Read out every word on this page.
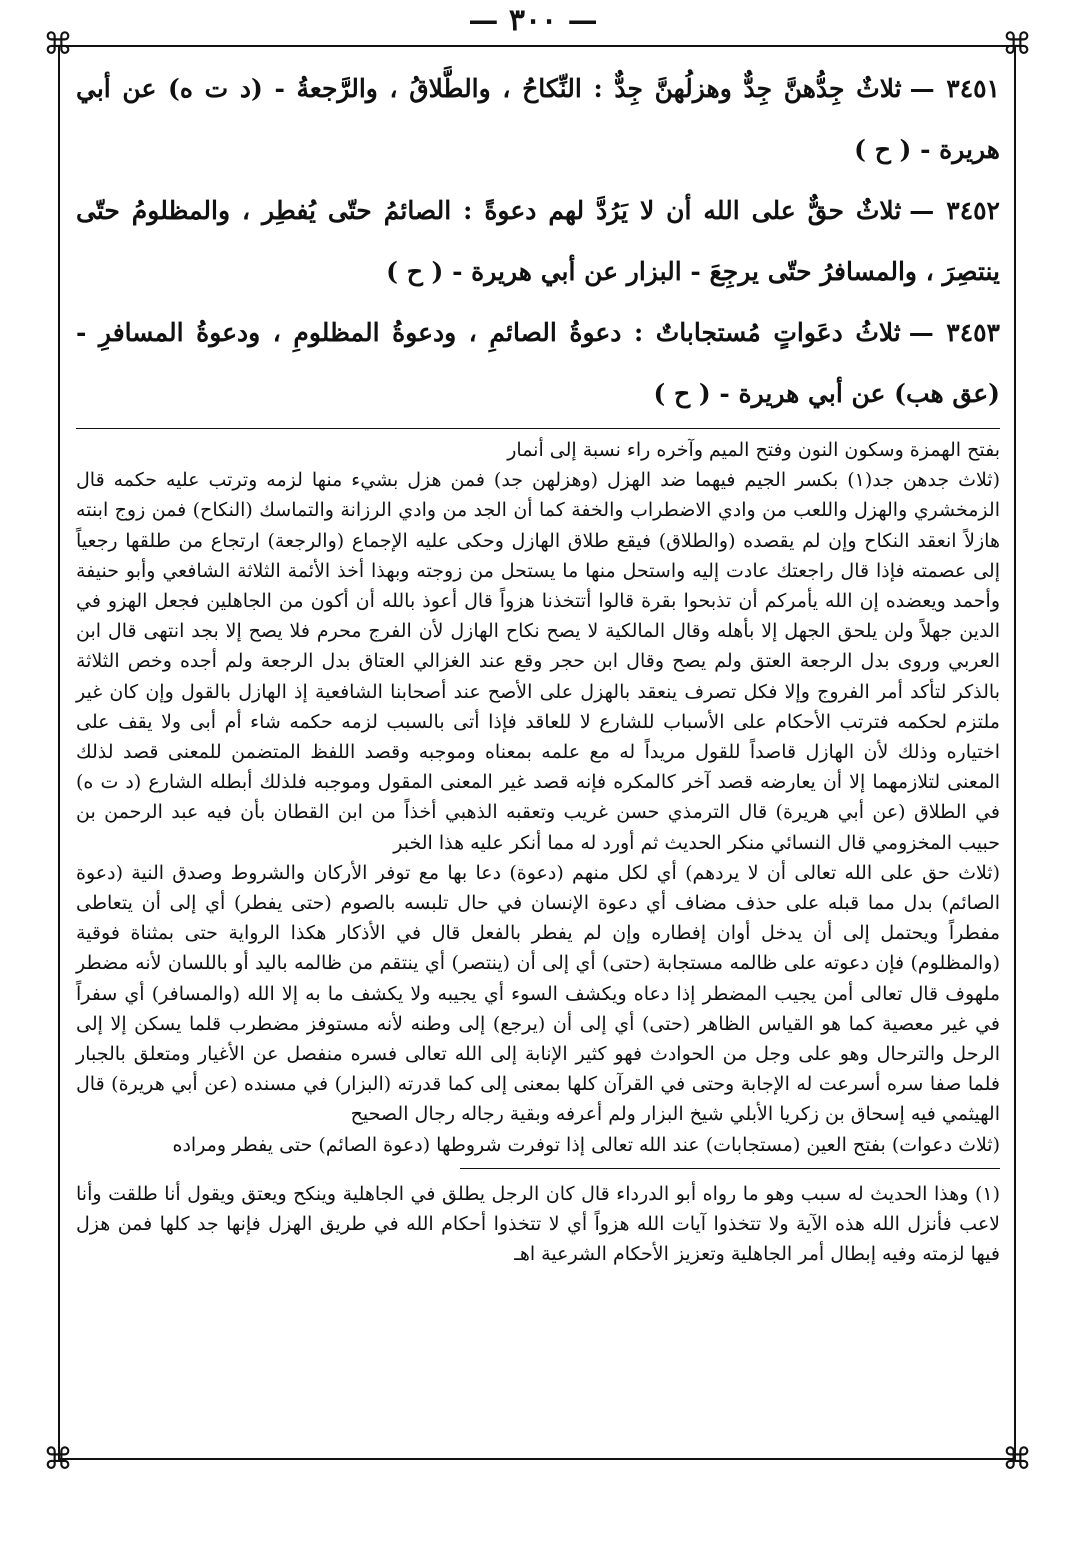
— ٣٠٠ —
⌘	⌘
⌘	⌘

٣٤٥١ —ثلاثٌ جِدُّهنَّ جِدٌّ وهزلُهنَّ جِدٌّ : النِّكاحُ ، والطَّلاقُ ، والرَّجعةُ - (د ت ه) عن أبي هريرة - ( ح )

٣٤٥٢ —ثلاثٌ حقٌّ على الله أن لا يَرُدَّ لهم دعوةً : الصائمُ حتّى يُفطِر ، والمظلومُ حتّى ينتصِرَ ، والمسافرُ حتّى يرجِعَ - البزار عن أبي هريرة - ( ح )

٣٤٥٣ —ثلاثُ دعَواتٍ مُستجاباتٌ : دعوةُ الصائمِ ، ودعوةُ المظلومِ ، ودعوةُ المسافرِ - (عق هب) عن أبي هريرة - ( ح )

بفتح الهمزة وسكون النون وفتح الميم وآخره راء نسبة إلى أنمار

(ثلاث جدهن جد(١) بكسر الجيم فيهما ضد الهزل (وهزلهن جد) فمن هزل بشيء منها لزمه وترتب عليه حكمه قال الزمخشري والهزل واللعب من وادي الاضطراب والخفة كما أن الجد من وادي الرزانة والتماسك (النكاح) فمن زوج ابنته هازلاً انعقد النكاح وإن لم يقصده (والطلاق) فيقع طلاق الهازل وحكى عليه الإجماع (والرجعة) ارتجاع من طلقها رجعياً إلى عصمته فإذا قال راجعتك عادت إليه واستحل منها ما يستحل من زوجته وبهذا أخذ الأئمة الثلاثة الشافعي وأبو حنيفة وأحمد ويعضده إن الله يأمركم أن تذبحوا بقرة قالوا أتتخذنا هزواً قال أعوذ بالله أن أكون من الجاهلين فجعل الهزو في الدين جهلاً ولن يلحق الجهل إلا بأهله وقال المالكية لا يصح نكاح الهازل لأن الفرج محرم فلا يصح إلا بجد انتهى قال ابن العربي وروى بدل الرجعة العتق ولم يصح وقال ابن حجر وقع عند الغزالي العتاق بدل الرجعة ولم أجده وخص الثلاثة بالذكر لتأكد أمر الفروج وإلا فكل تصرف ينعقد بالهزل على الأصح عند أصحابنا الشافعية إذ الهازل بالقول وإن كان غير ملتزم لحكمه فترتب الأحكام على الأسباب للشارع لا للعاقد فإذا أتى بالسبب لزمه حكمه شاء أم أبى ولا يقف على اختياره وذلك لأن الهازل قاصداً للقول مريداً له مع علمه بمعناه وموجبه وقصد اللفظ المتضمن للمعنى قصد لذلك المعنى لتلازمهما إلا أن يعارضه قصد آخر كالمكره فإنه قصد غير المعنى المقول وموجبه فلذلك أبطله الشارع (د ت ه) في الطلاق (عن أبي هريرة) قال الترمذي حسن غريب وتعقبه الذهبي أخذاً من ابن القطان بأن فيه عبد الرحمن بن حبيب المخزومي قال النسائي منكر الحديث ثم أورد له مما أنكر عليه هذا الخبر

(ثلاث حق على الله تعالى أن لا يردهم) أي لكل منهم (دعوة) دعا بها مع توفر الأركان والشروط وصدق النية (دعوة الصائم) بدل مما قبله على حذف مضاف أي دعوة الإنسان في حال تلبسه بالصوم (حتى يفطر) أي إلى أن يتعاطى مفطراً ويحتمل إلى أن يدخل أوان إفطاره وإن لم يفطر بالفعل قال في الأذكار هكذا الرواية حتى بمثناة فوقية (والمظلوم) فإن دعوته على ظالمه مستجابة (حتى) أي إلى أن (ينتصر) أي ينتقم من ظالمه باليد أو باللسان لأنه مضطر ملهوف قال تعالى أمن يجيب المضطر إذا دعاه ويكشف السوء أي يجيبه ولا يكشف ما به إلا الله (والمسافر) أي سفراً في غير معصية كما هو القياس الظاهر (حتى) أي إلى أن (يرجع) إلى وطنه لأنه مستوفز مضطرب قلما يسكن إلا إلى الرحل والترحال وهو على وجل من الحوادث فهو كثير الإنابة إلى الله تعالى فسره منفصل عن الأغيار ومتعلق بالجبار فلما صفا سره أسرعت له الإجابة وحتى في القرآن كلها بمعنى إلى كما قدرته (البزار) في مسنده (عن أبي هريرة) قال الهيثمي فيه إسحاق بن زكريا الأبلي شيخ البزار ولم أعرفه وبقية رجاله رجال الصحيح

(ثلاث دعوات) بفتح العين (مستجابات) عند الله تعالى إذا توفرت شروطها (دعوة الصائم) حتى يفطر ومراده

(١) وهذا الحديث له سبب وهو ما رواه أبو الدرداء قال كان الرجل يطلق في الجاهلية وينكح ويعتق ويقول أنا طلقت وأنا لاعب فأنزل الله هذه الآية ولا تتخذوا آيات الله هزواً أي لا تتخذوا أحكام الله في طريق الهزل فإنها جد كلها فمن هزل فيها لزمته وفيه إبطال أمر الجاهلية وتعزيز الأحكام الشرعية اهـ
